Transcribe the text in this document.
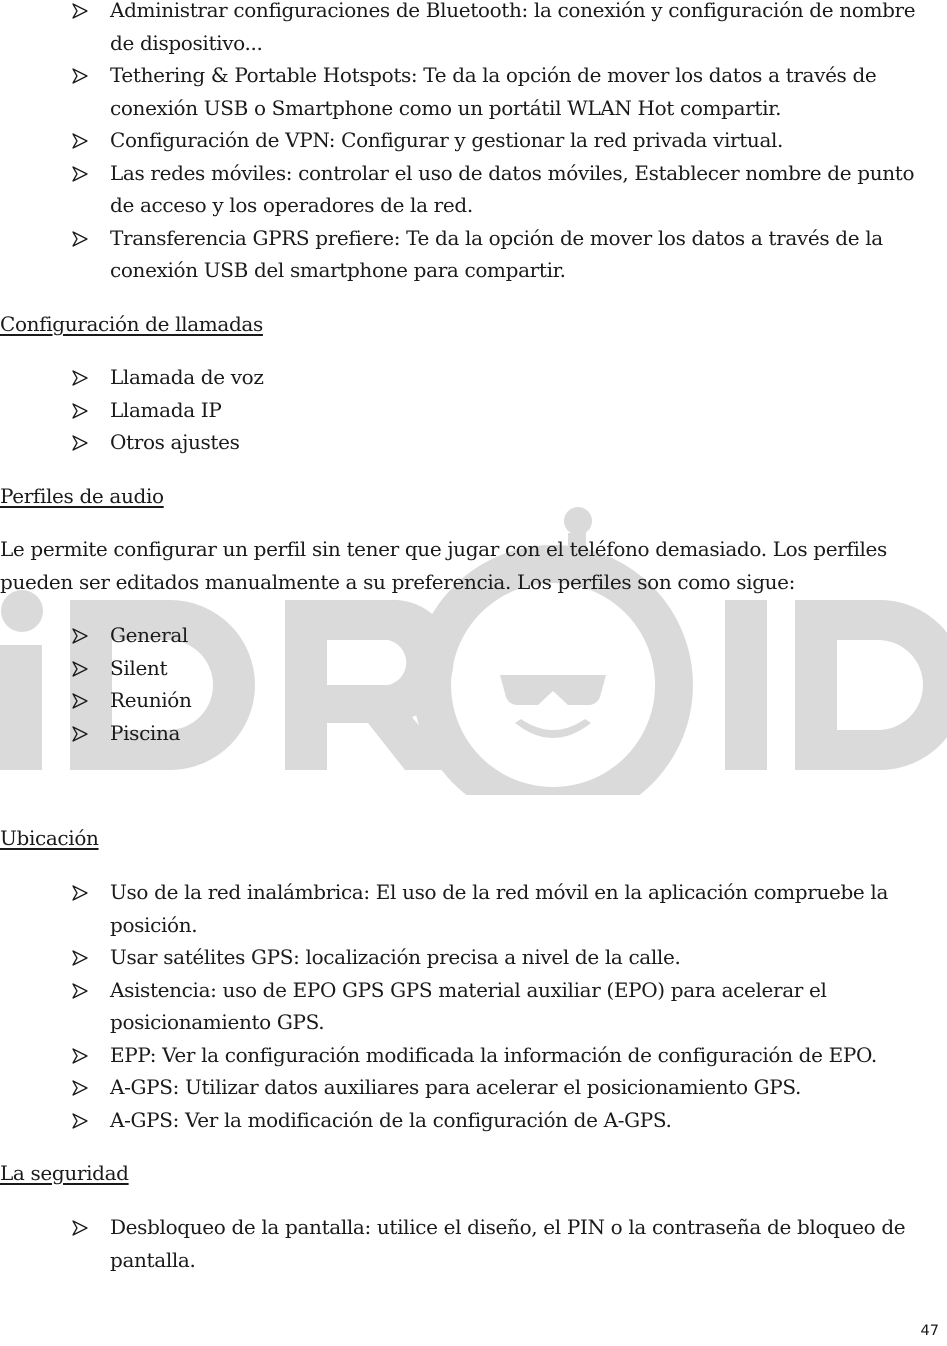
Administrar configuraciones de Bluetooth: la conexión y configuración de nombre de dispositivo...
Tethering & Portable Hotspots: Te da la opción de mover los datos a través de conexión USB o Smartphone como un portátil WLAN Hot compartir.
Configuración de VPN: Configurar y gestionar la red privada virtual.
Las redes móviles: controlar el uso de datos móviles, Establecer nombre de punto de acceso y los operadores de la red.
Transferencia GPRS prefiere: Te da la opción de mover los datos a través de la conexión USB del smartphone para compartir.
Configuración de llamadas
Llamada de voz
Llamada IP
Otros ajustes
Perfiles de audio

Le permite configurar un perfil sin tener que jugar con el teléfono demasiado. Los perfiles pueden ser editados manualmente a su preferencia. Los perfiles son como sigue:

General
Silent
Reunión
Piscina
Ubicación
Uso de la red inalámbrica: El uso de la red móvil en la aplicación compruebe la posición.
Usar satélites GPS: localización precisa a nivel de la calle.
Asistencia: uso de EPO GPS GPS material auxiliar (EPO) para acelerar el posicionamiento GPS.
EPP: Ver la configuración modificada la información de configuración de EPO.
A-GPS: Utilizar datos auxiliares para acelerar el posicionamiento GPS.
A-GPS: Ver la modificación de la configuración de A-GPS.
La seguridad
Desbloqueo de la pantalla: utilice el diseño, el PIN o la contraseña de bloqueo de pantalla.
47
